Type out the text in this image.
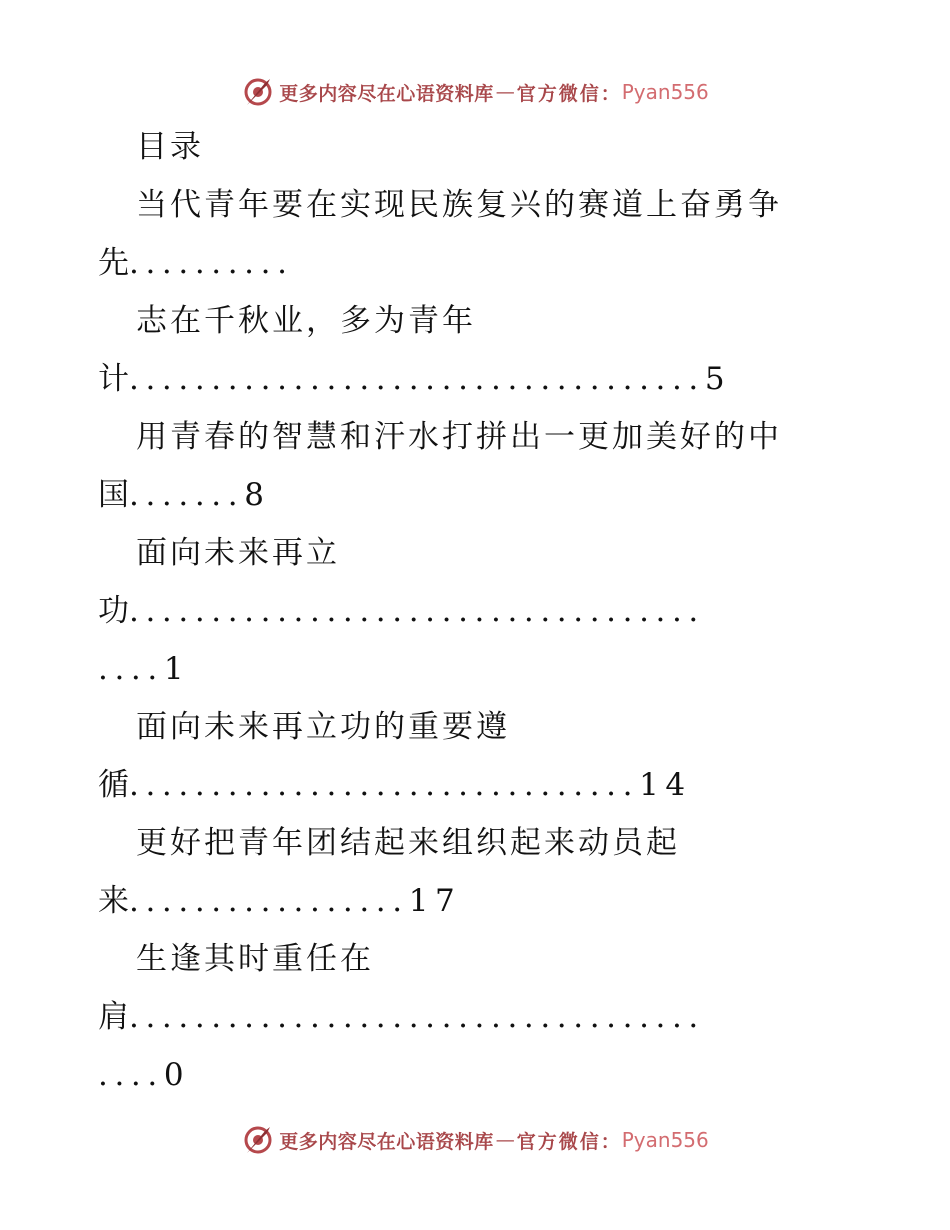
更多内容尽在心语资料库 — 官方微信： Pyan556
目录
当代青年要在实现民族复兴的赛道上奋勇争
先..........
志在千秋业，多为青年
计...................................5
用青春的智慧和汗水打拼出一更加美好的中
国.......8
面向未来再立
功...................................
....1
面向未来再立功的重要遵
循...............................14
更好把青年团结起来组织起来动员起
来.................17
生逢其时重任在
肩...................................
....0
更多内容尽在心语资料库 — 官方微信： Pyan556
